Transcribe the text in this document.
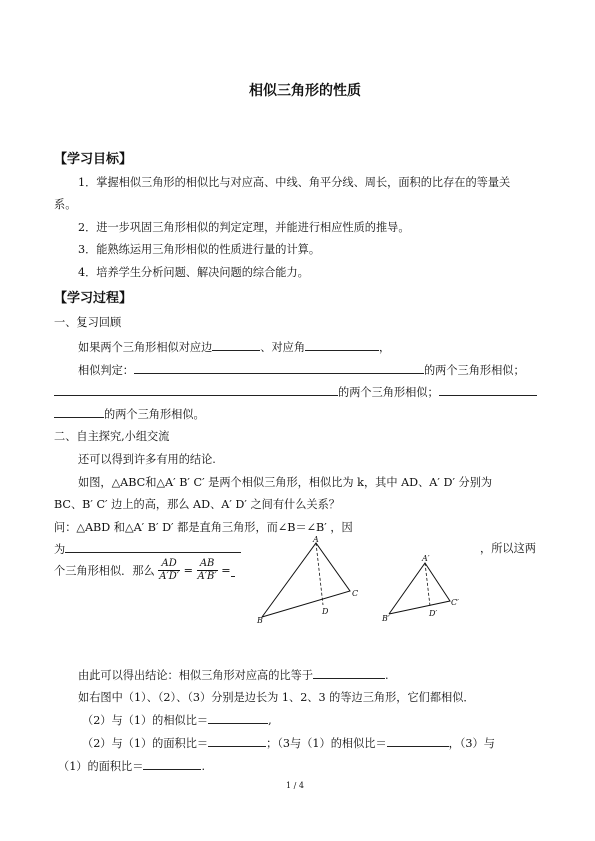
相似三角形的性质
【学习目标】
1．掌握相似三角形的相似比与对应高、中线、角平分线、周长，面积的比存在的等量关
系。
2．进一步巩固三角形相似的判定定理，并能进行相应性质的推导。
3．能熟练运用三角形相似的性质进行量的计算。
4．培养学生分析问题、解决问题的综合能力。
【学习过程】
一、复习回顾
如果两个三角形相似对应边	、对应角	，
相似判定：	的两个三角形相似；
的两个三角形相似；
的两个三角形相似。
二、自主探究,小组交流
还可以得到许多有用的结论.
如图，△ABC和△A′ B′ C′ 是两个相似三角形，相似比为 k，其中 AD、A′ D′ 分别为
BC、B′ C′ 边上的高，那么 AD、A′ D′ 之间有什么关系？
问：△ABD 和△A′ B′ D′ 都是直角三角形，而∠B＝∠B′ ，因
为	，所以这两
个三角形相似．那么 $\frac{AD}{A'D'} = \frac{AB}{A'B'}$ =
A
B
C
D
A′
B′
C′
D′
由此可以得出结论：相似三角形对应高的比等于	.
如右图中（1）、（2）、（3）分别是边长为 1、2、3 的等边三角形，它们都相似．
（2）与（1）的相似比＝	,
（2）与（1）的面积比＝	；（3与（1）的相似比＝	，（3）与
（1）的面积比＝	.
1 / 4
